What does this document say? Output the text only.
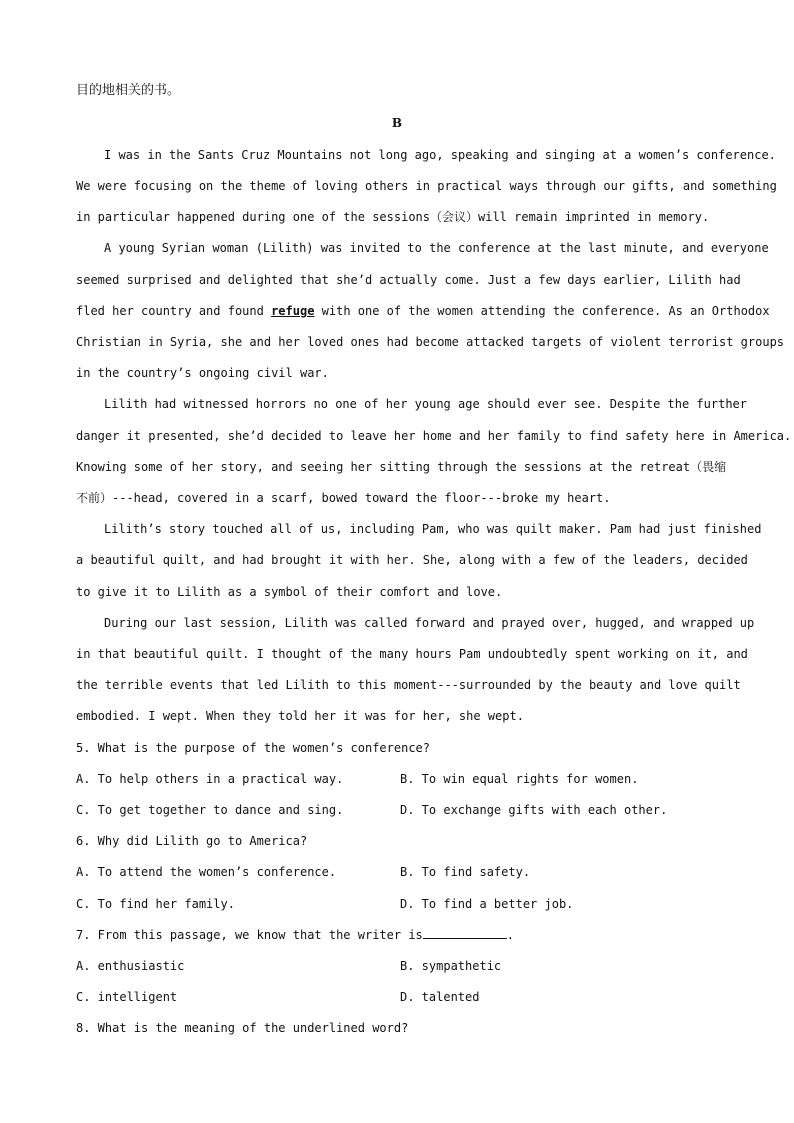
目的地相关的书。
B
I was in the Sants Cruz Mountains not long ago, speaking and singing at a women’s conference.
We were focusing on the theme of loving others in practical ways through our gifts, and something
in particular happened during one of the sessions（会议）will remain imprinted in memory.
A young Syrian woman (Lilith) was invited to the conference at the last minute, and everyone
seemed surprised and delighted that she’d actually come. Just a few days earlier, Lilith had
fled her country and found refuge with one of the women attending the conference. As an Orthodox
Christian in Syria, she and her loved ones had become attacked targets of violent terrorist groups
in the country’s ongoing civil war.
Lilith had witnessed horrors no one of her young age should ever see. Despite the further
danger it presented, she’d decided to leave her home and her family to find safety here in America.
Knowing some of her story, and seeing her sitting through the sessions at the retreat（畏缩
不前）---head, covered in a scarf, bowed toward the floor---broke my heart.
Lilith’s story touched all of us, including Pam, who was quilt maker. Pam had just finished
a beautiful quilt, and had brought it with her. She, along with a few of the leaders, decided
to give it to Lilith as a symbol of their comfort and love.
During our last session, Lilith was called forward and prayed over, hugged, and wrapped up
in that beautiful quilt. I thought of the many hours Pam undoubtedly spent working on it, and
the terrible events that led Lilith to this moment---surrounded by the beauty and love quilt
embodied. I wept. When they told her it was for her, she wept.
5. What is the purpose of the women’s conference?
A. To help others in a practical way.	B. To win equal rights for women.
C. To get together to dance and sing.	D. To exchange gifts with each other.
6. Why did Lilith go to America?
A. To attend the women’s conference.	B. To find safety.
C. To find her family.	D. To find a better job.
7. From this passage, we know that the writer is	.
A. enthusiastic	B. sympathetic
C. intelligent	D. talented
8. What is the meaning of the underlined word?
